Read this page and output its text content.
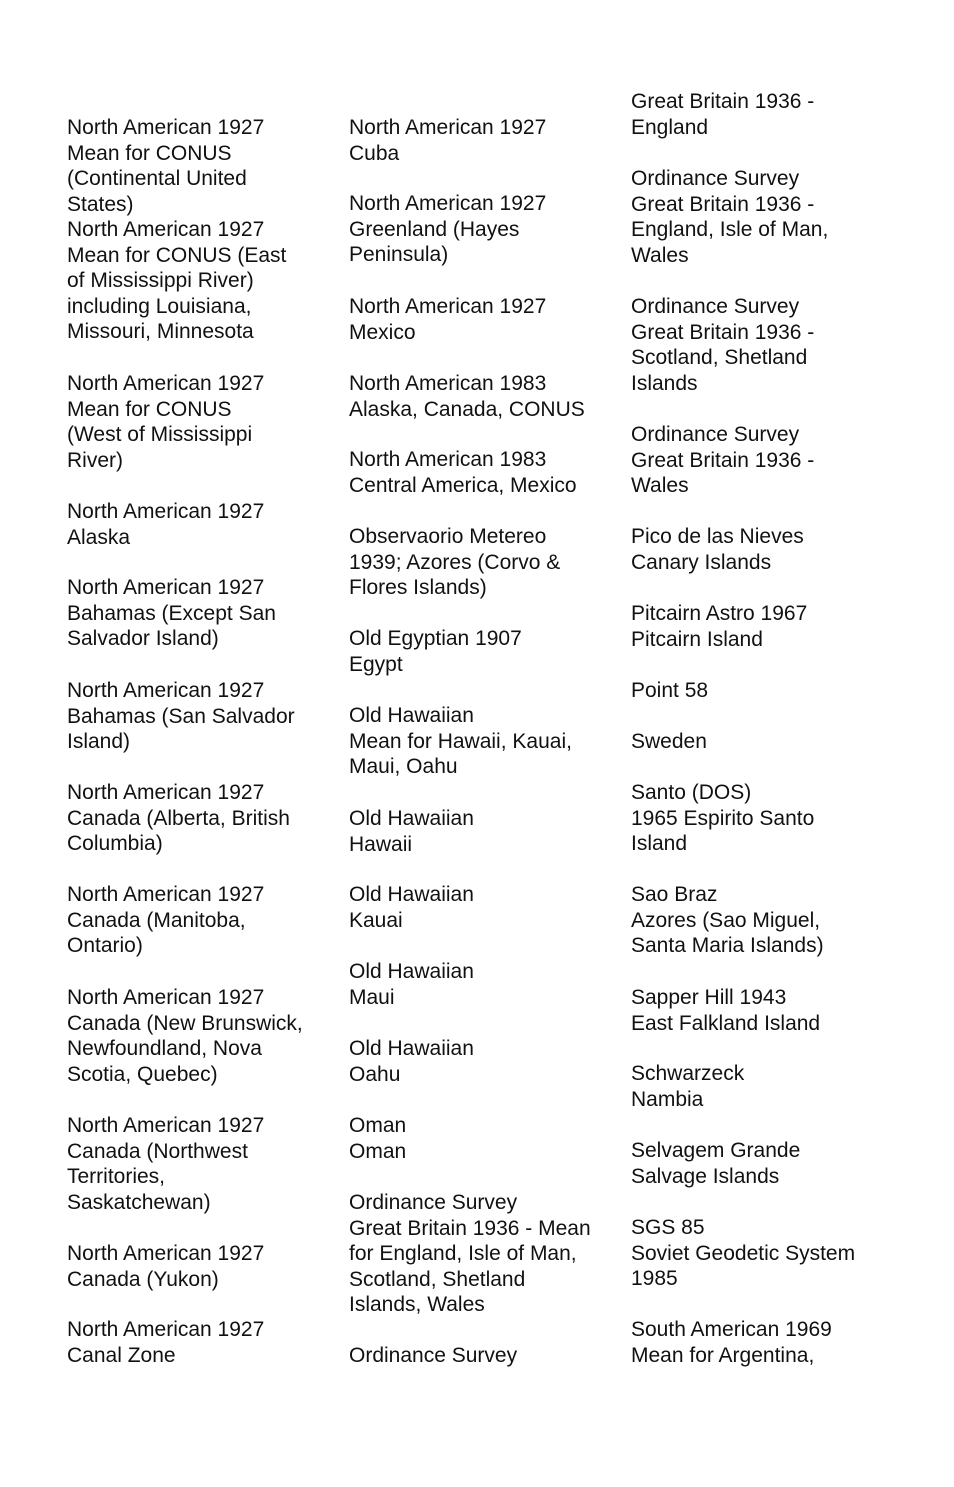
North American 1927
Mean for CONUS
(Continental United
States)
North American 1927
Mean for CONUS (East
of Mississippi River)
including Louisiana,
Missouri, Minnesota
North American 1927
Mean for CONUS
(West of Mississippi
River)
North American 1927
Alaska
North American 1927
Bahamas (Except San
Salvador Island)
North American 1927
Bahamas (San Salvador
Island)
North American 1927
Canada (Alberta, British
Columbia)
North American 1927
Canada (Manitoba,
Ontario)
North American 1927
Canada (New Brunswick,
Newfoundland, Nova
Scotia, Quebec)
North American 1927
Canada (Northwest
Territories,
Saskatchewan)
North American 1927
Canada (Yukon)
North American 1927
Canal Zone
North American 1927
Cuba
North American 1927
Greenland (Hayes
Peninsula)
North American 1927
Mexico
North American 1983
Alaska, Canada, CONUS
North American 1983
Central America, Mexico
Observaorio Metereo
1939; Azores (Corvo &
Flores Islands)
Old Egyptian 1907
Egypt
Old Hawaiian
Mean for Hawaii, Kauai,
Maui, Oahu
Old Hawaiian
Hawaii
Old Hawaiian
Kauai
Old Hawaiian
Maui
Old Hawaiian
Oahu
Oman
Oman
Ordinance Survey
Great Britain 1936 - Mean
for England, Isle of Man,
Scotland, Shetland
Islands, Wales
Ordinance Survey
Great Britain 1936 -
England
Ordinance Survey
Great Britain 1936 -
England, Isle of Man,
Wales
Ordinance Survey
Great Britain 1936 -
Scotland, Shetland
Islands
Ordinance Survey
Great Britain 1936 -
Wales
Pico de las Nieves
Canary Islands
Pitcairn Astro 1967
Pitcairn Island
Point 58
Sweden
Santo (DOS)
1965 Espirito Santo
Island
Sao Braz
Azores (Sao Miguel,
Santa Maria Islands)
Sapper Hill 1943
East Falkland Island
Schwarzeck
Nambia
Selvagem Grande
Salvage Islands
SGS 85
Soviet Geodetic System
1985
South American 1969
Mean for Argentina,
